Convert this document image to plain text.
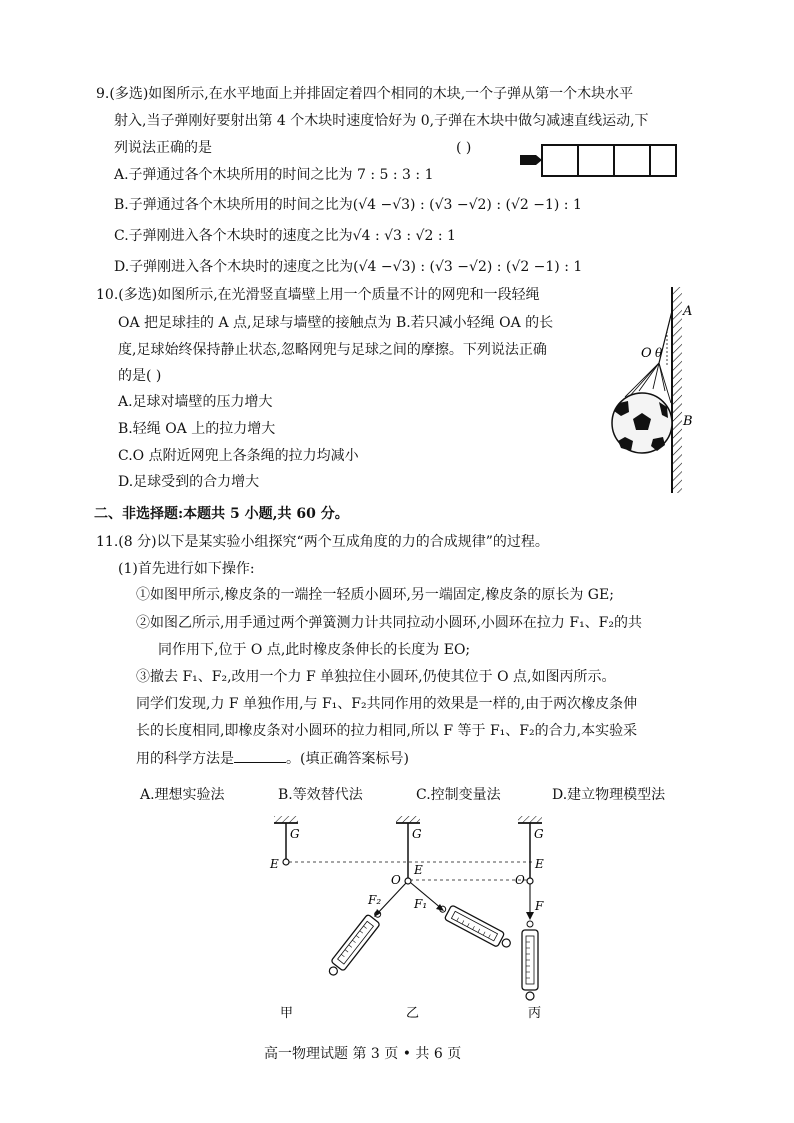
9.(多选)如图所示,在水平地面上并排固定着四个相同的木块,一个子弹从第一个木块水平
射入,当子弹刚好要射出第 4 个木块时速度恰好为 0,子弹在木块中做匀减速直线运动,下
列说法正确的是	( )
A.子弹通过各个木块所用的时间之比为 7 : 5 : 3 : 1
B.子弹通过各个木块所用的时间之比为(√4 −√3) : (√3 −√2) : (√2 −1) : 1
C.子弹刚进入各个木块时的速度之比为√4 : √3 : √2 : 1
D.子弹刚进入各个木块时的速度之比为(√4 −√3) : (√3 −√2) : (√2 −1) : 1
10.(多选)如图所示,在光滑竖直墙壁上用一个质量不计的网兜和一段轻绳
OA 把足球挂的 A 点,足球与墙壁的接触点为 B.若只减小轻绳 OA 的长
度,足球始终保持静止状态,忽略网兜与足球之间的摩擦。下列说法正确
的是( )
A.足球对墙壁的压力增大
B.轻绳 OA 上的拉力增大
C.O 点附近网兜上各条绳的拉力均减小
D.足球受到的合力增大
A
O θ
B
二、非选择题:本题共 5 小题,共 60 分。
11.(8 分)以下是某实验小组探究“两个互成角度的力的合成规律”的过程。
(1)首先进行如下操作:
①如图甲所示,橡皮条的一端拴一轻质小圆环,另一端固定,橡皮条的原长为 GE;
②如图乙所示,用手通过两个弹簧测力计共同拉动小圆环,小圆环在拉力 F₁、F₂的共
同作用下,位于 O 点,此时橡皮条伸长的长度为 EO;
③撤去 F₁、F₂,改用一个力 F 单独拉住小圆环,仍使其位于 O 点,如图丙所示。
同学们发现,力 F 单独作用,与 F₁、F₂共同作用的效果是一样的,由于两次橡皮条伸
长的长度相同,即橡皮条对小圆环的拉力相同,所以 F 等于 F₁、F₂的合力,本实验采
用的科学方法是	。(填正确答案标号)
A.理想实验法	B.等效替代法	C.控制变量法	D.建立物理模型法
G
E
甲
G
E
O
F₂	F₁
乙
G
E
O
F
丙
高一物理试题 第 3 页 • 共 6 页
